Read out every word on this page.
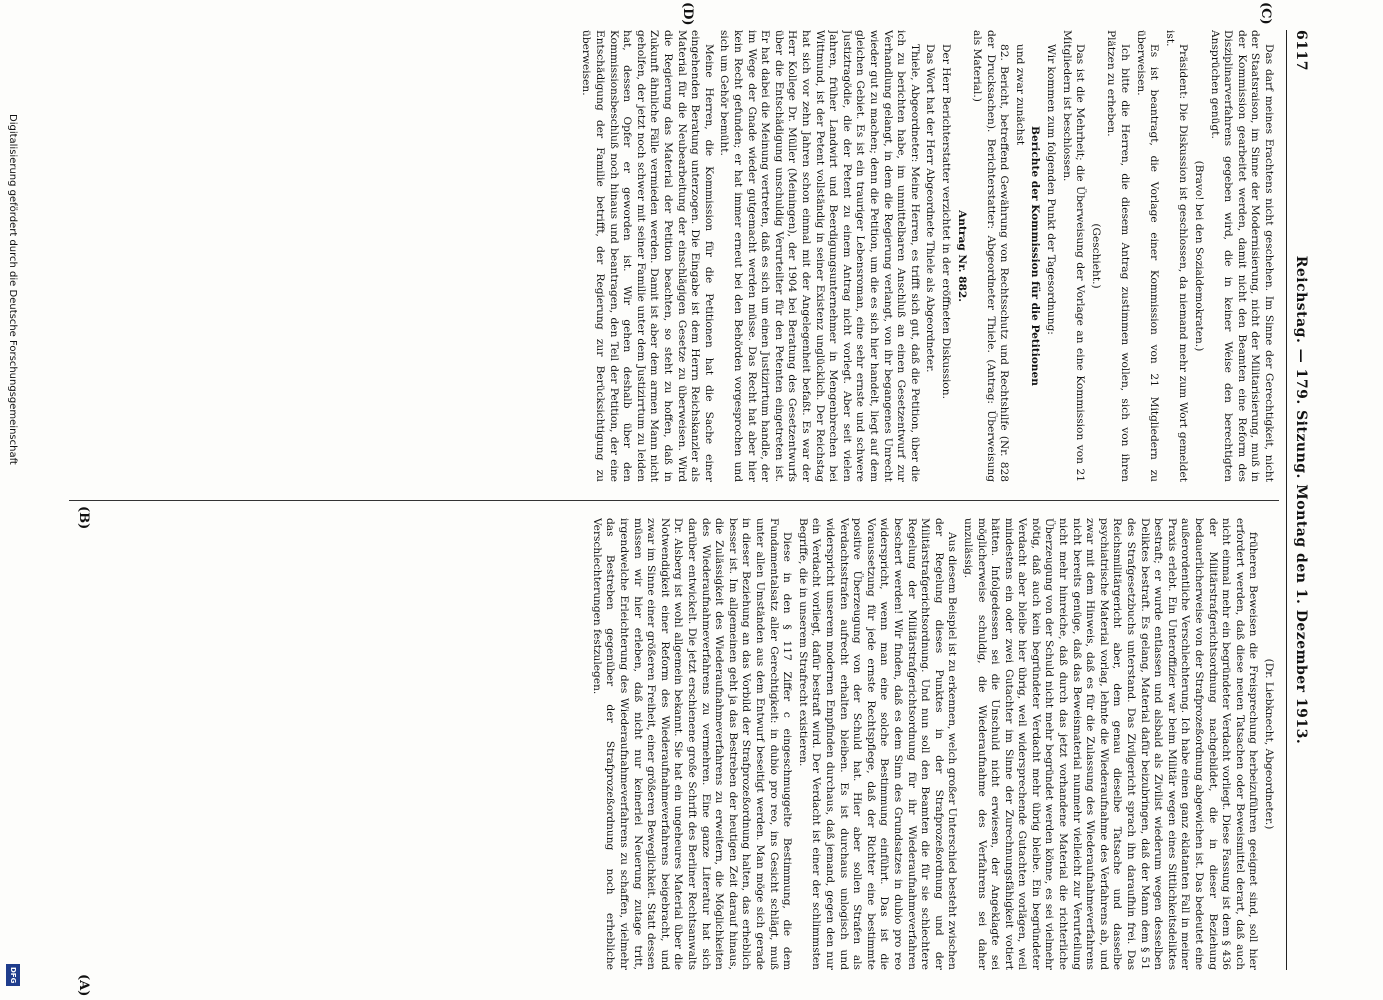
6117
Reichstag. — 179. Sitzung. Montag den 1. Dezember 1913.

Das darf meines Erachtens nicht geschehen. Im Sinne der Gerechtigkeit, nicht der Staatsraison, im Sinne der Modernisierung, nicht der Militarisierung, muß in der Kommission gearbeitet werden, damit nicht den Beamten eine Reform des Disziplinarverfahrens gegeben wird, die in keiner Weise den berechtigten Ansprüchen genügt.

(Bravo! bei den Sozialdemokraten.)

Präsident: Die Diskussion ist geschlossen, da niemand mehr zum Wort gemeldet ist.

Es ist beantragt, die Vorlage einer Kommission von 21 Mitgliedern zu überweisen.

Ich bitte die Herren, die diesem Antrag zustimmen wollen, sich von ihren Plätzen zu erheben.

(Geschieht.)

Das ist die Mehrheit; die Überweisung der Vorlage an eine Kommission von 21 Mitgliedern ist beschlossen.

Wir kommen zum folgenden Punkt der Tagesordnung:

Berichte der Kommission für die Petitionen

und zwar zunächst

82. Bericht, betreffend Gewährung von Rechtsschutz und Rechtshilfe (Nr. 828 der Drucksachen). Berichterstatter: Abgeordneter Thiele. (Antrag: Überweisung als Material.)

Antrag Nr. 882.

Der Herr Berichterstatter verzichtet in der eröffneten Diskussion.

Das Wort hat der Herr Abgeordnete Thiele als Abgeordneter.

Thiele, Abgeordneter: Meine Herren, es trifft sich gut, daß die Petition, über die ich zu berichten habe, im unmittelbaren Anschluß an einen Gesetzentwurf zur Verhandlung gelangt, in dem die Regierung verlangt, von ihr begangenes Unrecht wieder gut zu machen; denn die Petition, um die es sich hier handelt, liegt auf dem gleichen Gebiet. Es ist ein trauriger Lebensroman, eine sehr ernste und schwere Justiztragödie, die der Petent zu einem Antrag nicht vorlegt. Aber seit vielen Jahren, früher Landwirt und Beerdigungsunternehmer in Mengenbrechen bei Wittmund, ist der Petent vollständig in seiner Existenz unglücklich. Der Reichstag hat sich vor zehn Jahren schon einmal mit der Angelegenheit befaßt. Es war der Herr Kollege Dr. Müller (Meiningen), der 1904 bei Beratung des Gesetzentwurfs über die Entschädigung unschuldig Verurteilter für den Petenten eingetreten ist. Er hat dabei die Meinung vertreten, daß es sich um einen Justizirrtum handle, der im Wege der Gnade wieder gutgemacht werden müsse. Das Recht hat aber hier kein Recht gefunden; er hat immer erneut bei den Behörden vorgesprochen und sich um Gehör bemüht.

Meine Herren, die Kommission für die Petitionen hat die Sache einer eingehenden Beratung unterzogen. Die Eingabe ist dem Herrn Reichskanzler als Material für die Neubearbeitung der einschlägigen Gesetze zu überweisen. Wird die Regierung das Material der Petition beachten, so steht zu hoffen, daß in Zukunft ähnliche Fälle vermieden werden. Damit ist aber dem armen Mann nicht geholfen, der jetzt noch schwer mit seiner Familie unter dem Justizirrtum zu leiden hat, dessen Opfer er geworden ist. Wir gehen deshalb über den Kommissionsbeschluß noch hinaus und beantragen, den Teil der Petition, der eine Entschädigung der Familie betrifft, der Regierung zur Berücksichtigung zu überweisen.

(Dr. Liebknecht, Abgeordneter.)

früheren Beweisen die Freisprechung herbeizuführen geeignet sind, soll hier erfordert werden, daß diese neuen Tatsachen oder Beweismittel derart, daß auch nicht einmal mehr ein begründeter Verdacht vorliegt. Diese Fassung ist dem § 436 der Militärstrafgerichtsordnung nachgebildet, die in dieser Beziehung bedauerlicherweise von der Strafprozeßordnung abgewichen ist. Das bedeutet eine außerordentliche Verschlechterung. Ich habe einen ganz eklatanten Fall in meiner Praxis erlebt. Ein Unteroffizier war beim Militär wegen eines Sittlichkeitsdeliktes bestraft; er wurde entlassen und alsbald als Zivilist wiederum wegen desselben Deliktes bestraft. Es gelang, Material dafür beizubringen, daß der Mann dem § 51 des Strafgesetzbuchs unterstand. Das Zivilgericht sprach ihn daraufhin frei. Das Reichsmilitärgericht aber, dem genau dieselbe Tatsache und dasselbe psychiatrische Material vorlag, lehnte die Wiederaufnahme des Verfahrens ab, und zwar mit dem Hinweis, daß es für die Zulassung des Wiederaufnahmeverfahrens nicht bereits genüge, daß das Beweismaterial nunmehr vielleicht zur Verurteilung nicht mehr hinreiche, daß durch das jetzt vorhandene Material die richterliche Überzeugung von der Schuld nicht mehr begründet werden könne, es sei vielmehr nötig, daß auch kein begründeter Verdacht mehr übrig bleibe. Ein begründeter Verdacht aber bleibe hier übrig, weil widersprechende Gutachten vorlägen, weil mindestens ein oder zwei Gutachter im Sinne der Zurechnungsfähigkeit votiert hätten. Infolgedessen sei die Unschuld nicht erwiesen, der Angeklagte sei möglicherweise schuldig, die Wiederaufnahme des Verfahrens sei daher unzulässig.

Aus diesem Beispiel ist zu erkennen, welch großer Unterschied besteht zwischen der Regelung dieses Punktes in der Strafprozeßordnung und der Militärstrafgerichtsordnung. Und nun soll den Beamten die für sie schlechtere Regelung der Militärstrafgerichtsordnung für ihr Wiederaufnahmeverfahren beschert werden! Wir finden, daß es dem Sinn des Grundsatzes in dubio pro reo widerspricht, wenn man eine solche Bestimmung einführt. Das ist die Voraussetzung für jede ernste Rechtspflege, daß der Richter eine bestimmte positive Überzeugung von der Schuld hat. Hier aber sollen Strafen als Verdachtsstrafen aufrecht erhalten bleiben. Es ist durchaus unlogisch und widerspricht unserem modernen Empfinden durchaus, daß jemand, gegen den nur ein Verdacht vorliegt, dafür bestraft wird. Der Verdacht ist einer der schlimmsten Begriffe, die in unserem Strafrecht existieren.

Diese in den § 117 Ziffer c eingeschmuggelte Bestimmung, die dem Fundamentalsatz aller Gerechtigkeit: in dubio pro reo, ins Gesicht schlägt, muß unter allen Umständen aus dem Entwurf beseitigt werden. Man möge sich gerade in dieser Beziehung an das Vorbild der Strafprozeßordnung halten, das erheblich besser ist. Im allgemeinen geht ja das Bestreben der heutigen Zeit darauf hinaus, die Zulässigkeit des Wiederaufnahmeverfahrens zu erweitern, die Möglichkeiten des Wiederaufnahmeverfahrens zu vermehren. Eine ganze Literatur hat sich darüber entwickelt. Die jetzt erschienene große Schrift des Berliner Rechtsanwalts Dr. Alsberg ist wohl allgemein bekannt. Sie hat ein ungeheures Material über die Notwendigkeit einer Reform des Wiederaufnahmeverfahrens beigebracht, und zwar im Sinne einer größeren Freiheit, einer größeren Beweglichkeit. Statt dessen müssen wir hier erleben, daß nicht nur keinerlei Neuerung zutage tritt, irgendwelche Erleichterung des Wiederaufnahmeverfahrens zu schaffen, vielmehr das Bestreben gegenüber der Strafprozeßordnung noch erhebliche Verschlechterungen festzulegen.

(C)
(D)
(A)
(B)
Digitalisierung gefördert durch die Deutsche Forschungsgemeinschaft
DFG
